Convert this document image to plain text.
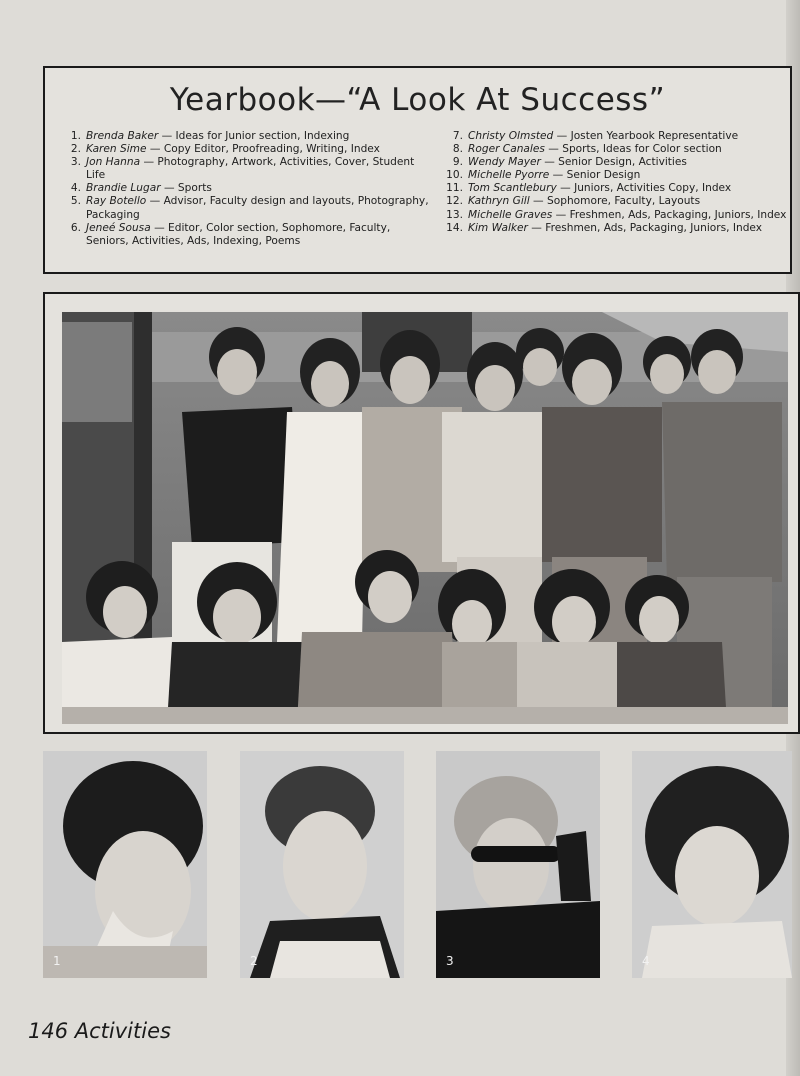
Yearbook—“A Look At Success”
1. Brenda Baker — Ideas for Junior section, Indexing
2. Karen Sime — Copy Editor, Proofreading, Writing, Index
3. Jon Hanna — Photography, Artwork, Activities, Cover, Student Life
4. Brandie Lugar — Sports
5. Ray Botello — Advisor, Faculty design and layouts, Photography, Packaging
6. Jeneé Sousa — Editor, Color section, Sophomore, Faculty, Seniors, Activities, Ads, Indexing, Poems
7. Christy Olmsted — Josten Yearbook Representative
8. Roger Canales — Sports, Ideas for Color section
9. Wendy Mayer — Senior Design, Activities
10. Michelle Pyorre — Senior Design
11. Tom Scantlebury — Juniors, Activities Copy, Index
12. Kathryn Gill — Sophomore, Faculty, Layouts
13. Michelle Graves — Freshmen, Ads, Packaging, Juniors, Index
14. Kim Walker — Freshmen, Ads, Packaging, Juniors, Index
1	2	3	4
146 Activities
